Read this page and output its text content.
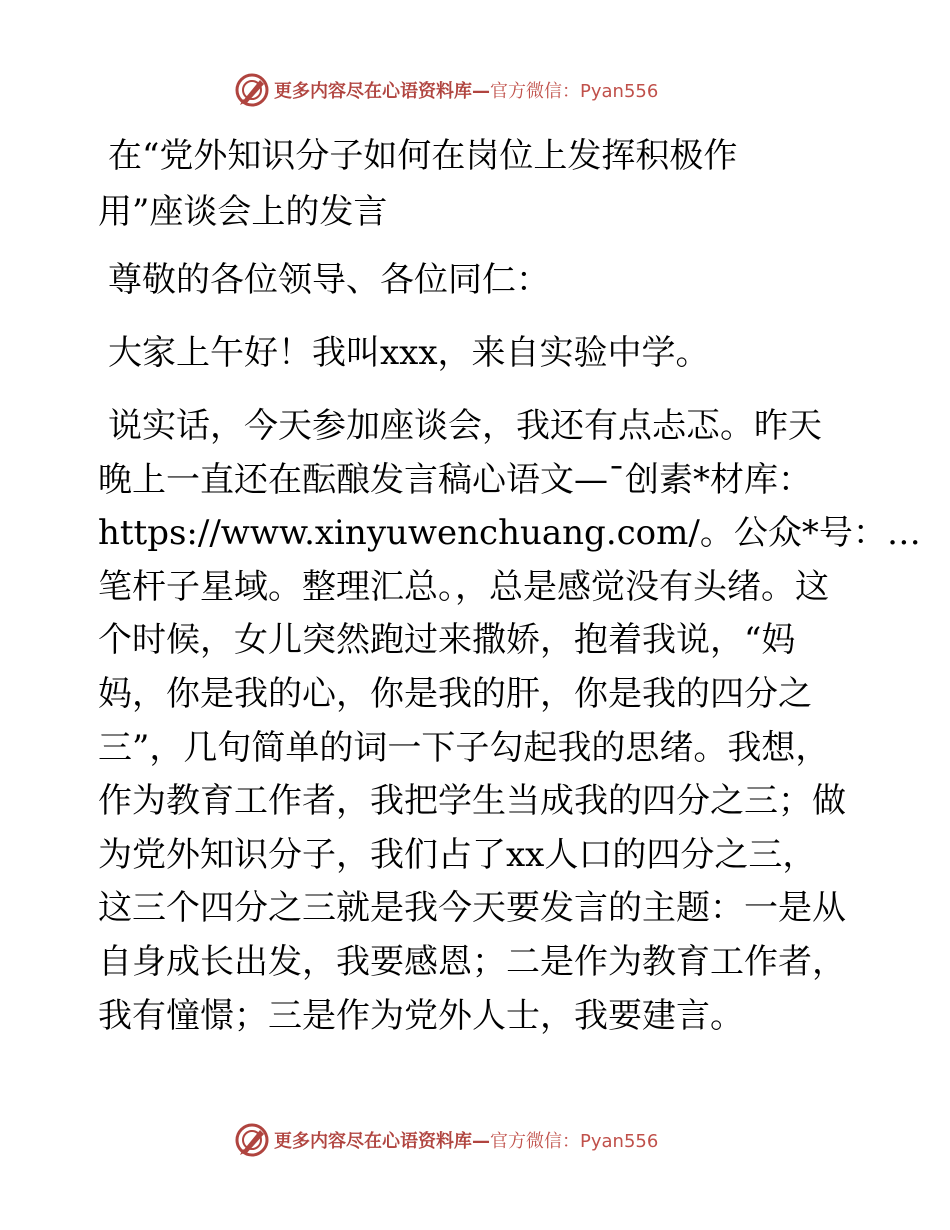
更多内容尽在心语资料库— 官方微信：Pyan556
在“党外知识分子如何在岗位上发挥积极作
用”座谈会上的发言

尊敬的各位领导、各位同仁：

大家上午好！我叫xxx，来自实验中学。

说实话，今天参加座谈会，我还有点忐忑。昨天
晚上一直还在酝酿发言稿心语文—¯创素*材库：
https://www.xinyuwenchuang.com/。公众*号：…
笔杆子星域。整理汇总。，总是感觉没有头绪。这
个时候，女儿突然跑过来撒娇，抱着我说，“妈
妈，你是我的心，你是我的肝，你是我的四分之
三”，几句简单的词一下子勾起我的思绪。我想，
作为教育工作者，我把学生当成我的四分之三；做
为党外知识分子，我们占了xx人口的四分之三，
这三个四分之三就是我今天要发言的主题：一是从
自身成长出发，我要感恩；二是作为教育工作者，
我有憧憬；三是作为党外人士，我要建言。
更多内容尽在心语资料库— 官方微信：Pyan556
